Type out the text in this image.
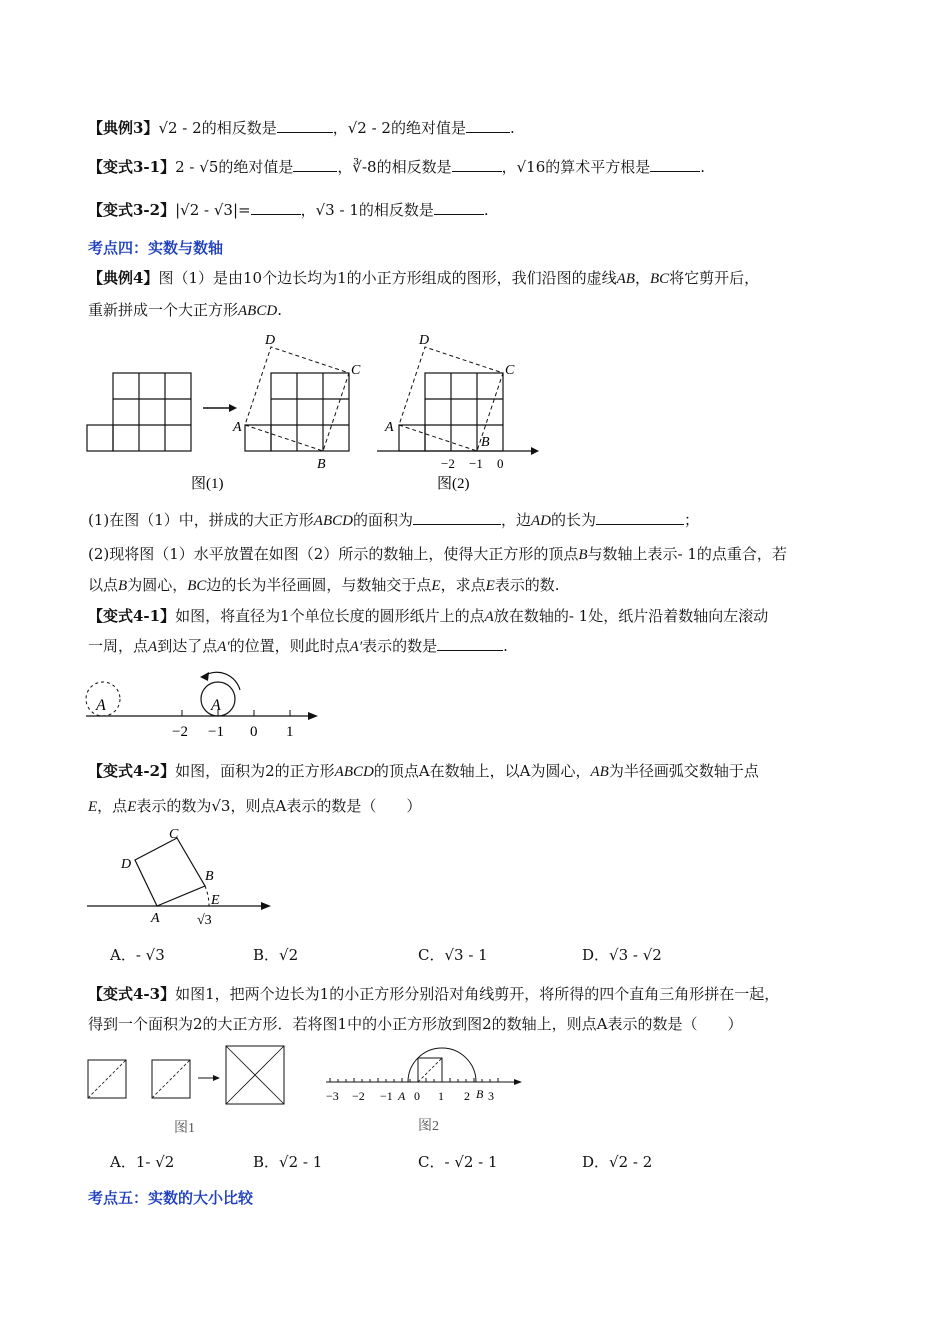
【典例3】√2 - 2的相反数是	，√2 - 2的绝对值是	.
【变式3-1】2 - √5的绝对值是	，∛-8的相反数是	，√16的算术平方根是	.
【变式3-2】|√2 - √3|=	，√3 - 1的相反数是	.
考点四：实数与数轴
【典例4】图（1）是由10个边长均为1的小正方形组成的图形，我们沿图的虚线AB，BC将它剪开后，
重新拼成一个大正方形ABCD.
D
C
A
B
图(1)
D
C
A
B
−2 −1 0
图(2)
(1)在图（1）中，拼成的大正方形ABCD的面积为	，边AD的长为	；
(2)现将图（1）水平放置在如图（2）所示的数轴上，使得大正方形的顶点B与数轴上表示- 1的点重合，若
以点B为圆心，BC边的长为半径画圆，与数轴交于点E，求点E表示的数.
【变式4-1】如图，将直径为1个单位长度的圆形纸片上的点A放在数轴的- 1处，纸片沿着数轴向左滚动
一周，点A到达了点A′的位置，则此时点A′表示的数是	.
A	A
−2 −1 0 1
【变式4-2】如图，面积为2的正方形ABCD的顶点A在数轴上，以A为圆心，AB为半径画弧交数轴于点
E，点E表示的数为√3，则点A表示的数是（　　）
C
D
B
E
A	√3
A．- √3	B．√2	C．√3 - 1	D．√3 - √2
【变式4-3】如图1，把两个边长为1的小正方形分别沿对角线剪开，将所得的四个直角三角形拼在一起，
得到一个面积为2的大正方形．若将图1中的小正方形放到图2的数轴上，则点A表示的数是（　　）
图1
−3 −2 −1 A 0 1 2 B 3
图2
A．1- √2	B．√2 - 1	C．- √2 - 1	D．√2 - 2
考点五：实数的大小比较
